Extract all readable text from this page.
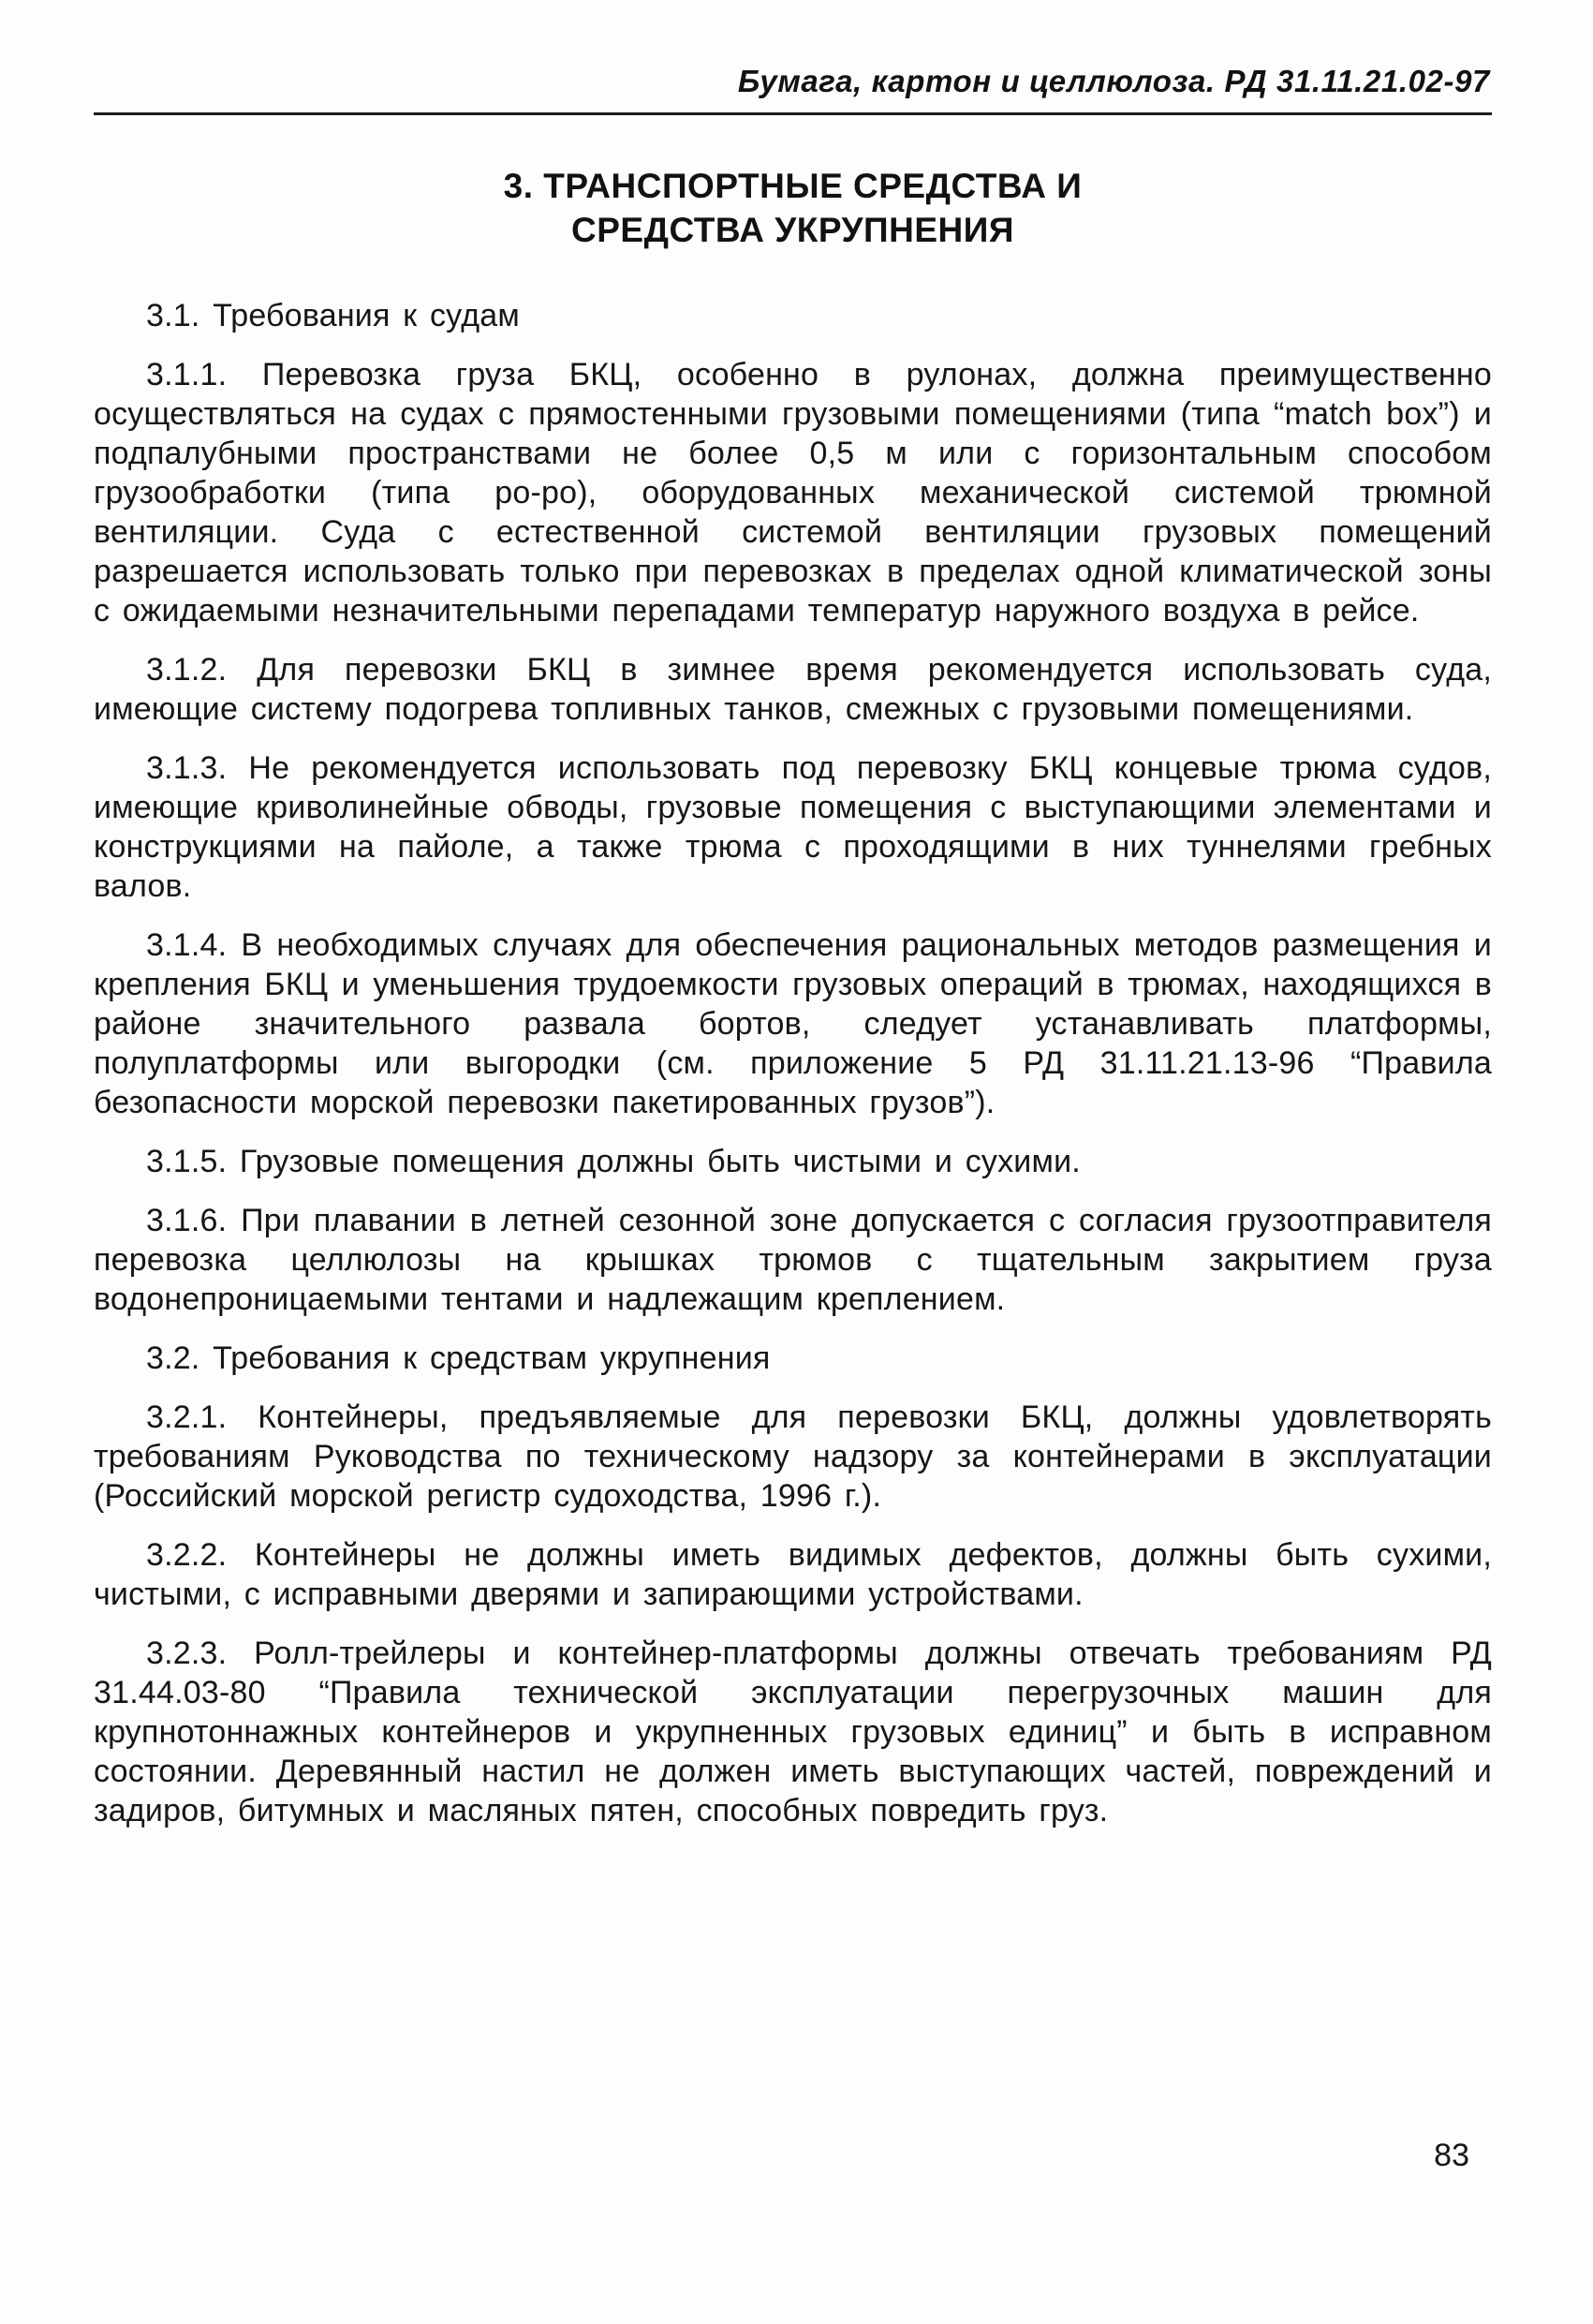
Бумага, картон и целлюлоза. РД 31.11.21.02-97
3. ТРАНСПОРТНЫЕ СРЕДСТВА И
СРЕДСТВА УКРУПНЕНИЯ

3.1. Требования к судам

3.1.1. Перевозка груза БКЦ, особенно в рулонах, должна преимущественно осуществляться на судах с прямостенными грузовыми помещениями (типа “match box”) и подпалубными пространствами не более 0,5 м или с горизонтальным способом грузообработки (типа ро-ро), оборудованных механической системой трюмной вентиляции. Суда с естественной системой вентиляции грузовых помещений разрешается использовать только при перевозках в пределах одной климатической зоны с ожидаемыми незначительными перепадами температур наружного воздуха в рейсе.

3.1.2. Для перевозки БКЦ в зимнее время рекомендуется использовать суда, имеющие систему подогрева топливных танков, смежных с грузовыми помещениями.

3.1.3. Не рекомендуется использовать под перевозку БКЦ концевые трюма судов, имеющие криволинейные обводы, грузовые помещения с выступающими элементами и конструкциями на пайоле, а также трюма с проходящими в них туннелями гребных валов.

3.1.4. В необходимых случаях для обеспечения рациональных методов размещения и крепления БКЦ и уменьшения трудоемкости грузовых операций в трюмах, находящихся в районе значительного развала бортов, следует устанавливать платформы, полуплатформы или выгородки (см. приложение 5 РД 31.11.21.13-96 “Правила безопасности морской перевозки пакетированных грузов”).

3.1.5. Грузовые помещения должны быть чистыми и сухими.

3.1.6. При плавании в летней сезонной зоне допускается с согласия грузоотправителя перевозка целлюлозы на крышках трюмов с тщательным закрытием груза водонепроницаемыми тентами и надлежащим креплением.

3.2. Требования к средствам укрупнения

3.2.1. Контейнеры, предъявляемые для перевозки БКЦ, должны удовлетворять требованиям Руководства по техническому надзору за контейнерами в эксплуатации (Российский морской регистр судоходства, 1996 г.).

3.2.2. Контейнеры не должны иметь видимых дефектов, должны быть сухими, чистыми, с исправными дверями и запирающими устройствами.

3.2.3. Ролл-трейлеры и контейнер-платформы должны отвечать требованиям РД 31.44.03-80 “Правила технической эксплуатации перегрузочных машин для крупнотоннажных контейнеров и укрупненных грузовых единиц” и быть в исправном состоянии. Деревянный настил не должен иметь выступающих частей, повреждений и задиров, битумных и масляных пятен, способных повредить груз.

83
